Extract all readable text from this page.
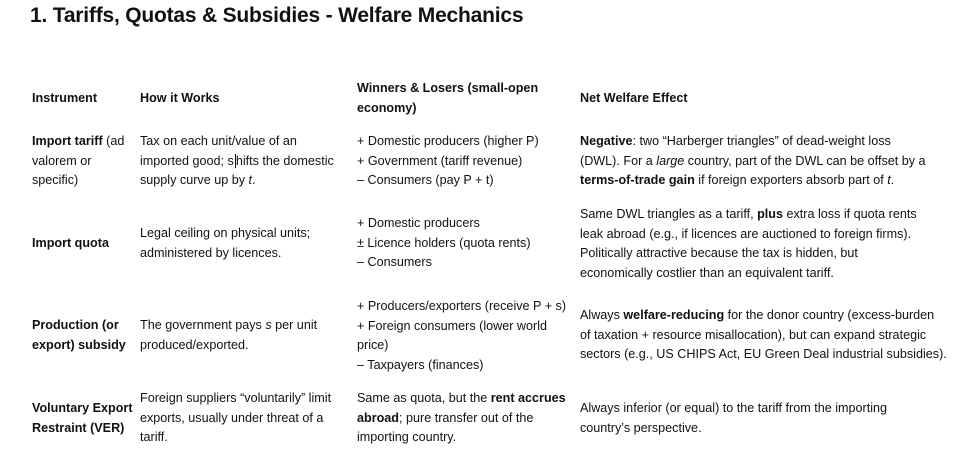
1. Tariffs, Quotas & Subsidies - Welfare Mechanics
Instrument	How it Works
Winners & Losers (small-open
economy)
Net Welfare Effect
Import tariff (ad
valorem or
specific)
Tax on each unit/value of an
imported good; s hifts the domestic
supply curve up by t.
+ Domestic producers (higher P)
+ Government (tariff revenue)
– Consumers (pay P + t)
Negative: two “Harberger triangles” of dead-weight loss
(DWL). For a large country, part of the DWL can be offset by a
terms-of-trade gain if foreign exporters absorb part of t.
Import quota
Legal ceiling on physical units;
administered by licences.
+ Domestic producers
± Licence holders (quota rents)
– Consumers
Same DWL triangles as a tariff, plus extra loss if quota rents
leak abroad (e.g., if licences are auctioned to foreign firms).
Politically attractive because the tax is hidden, but
economically costlier than an equivalent tariff.
Production (or
export) subsidy
The government pays s per unit
produced/exported.
+ Producers/exporters (receive P + s)
+ Foreign consumers (lower world
price)
– Taxpayers (finances)
Always welfare-reducing for the donor country (excess-burden
of taxation + resource misallocation), but can expand strategic
sectors (e.g., US CHIPS Act, EU Green Deal industrial subsidies).
Voluntary Export
Restraint (VER)
Foreign suppliers “voluntarily” limit
exports, usually under threat of a
tariff.
Same as quota, but the rent accrues
abroad; pure transfer out of the
importing country.
Always inferior (or equal) to the tariff from the importing
country’s perspective.
